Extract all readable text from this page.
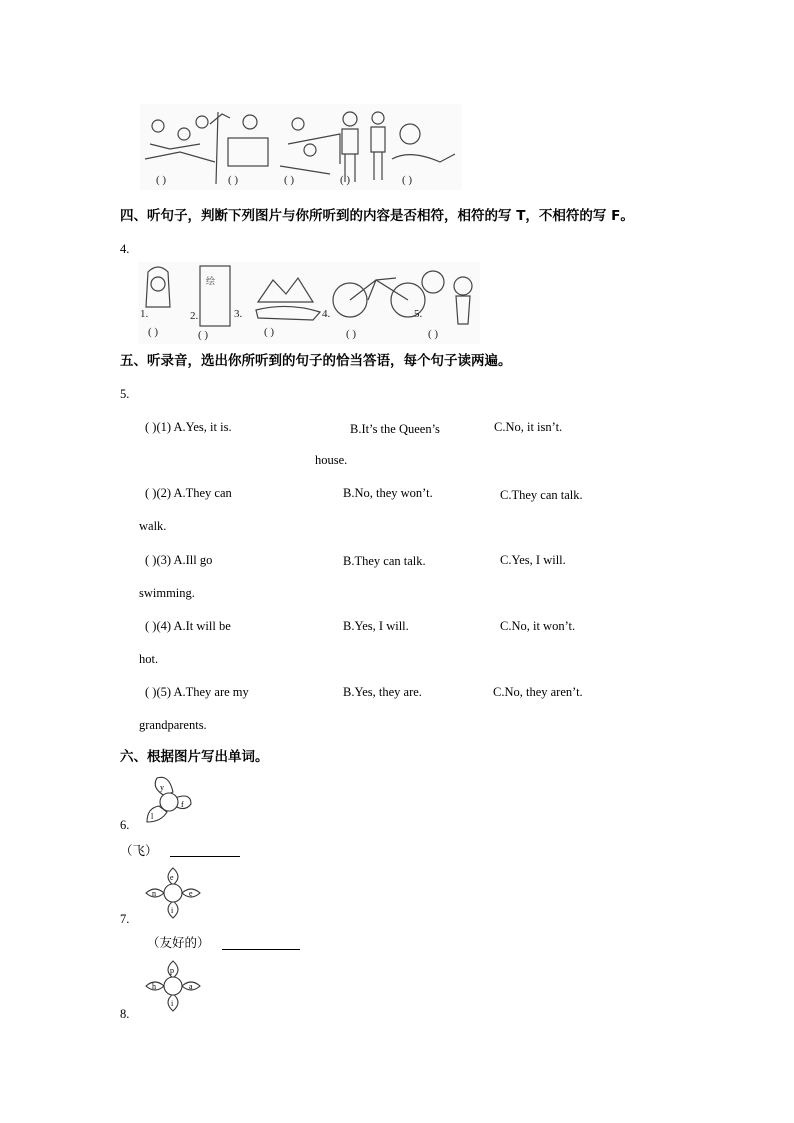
( )	( )	( )	( )	( )
四、听句子，判断下列图片与你所听到的内容是否相符，相符的写 T，不相符的写 F。
4.
绘
1.	2.	3.	4.	5.
( )	( )	( )	( )	( )
五、听录音，选出你所听到的句子的恰当答语，每个句子读两遍。
5.
( )(1) A.Yes, it is.	B.It’s the Queen’s	C.No, it isn’t.
house.
( )(2) A.They can	B.No, they won’t.	C.They can talk.
walk.
( )(3) A.Ill go	B.They can talk.	C.Yes, I will.
swimming.
( )(4) A.It will be	B.Yes, I will.	C.No, it won’t.
hot.
( )(5) A.They are my	B.Yes, they are.	C.No, they aren’t.
grandparents.
六、根据图片写出单词。
y
f
l
6.
（飞）
e
e
i
n
7.
（友好的）
p
a
i
h
8.
